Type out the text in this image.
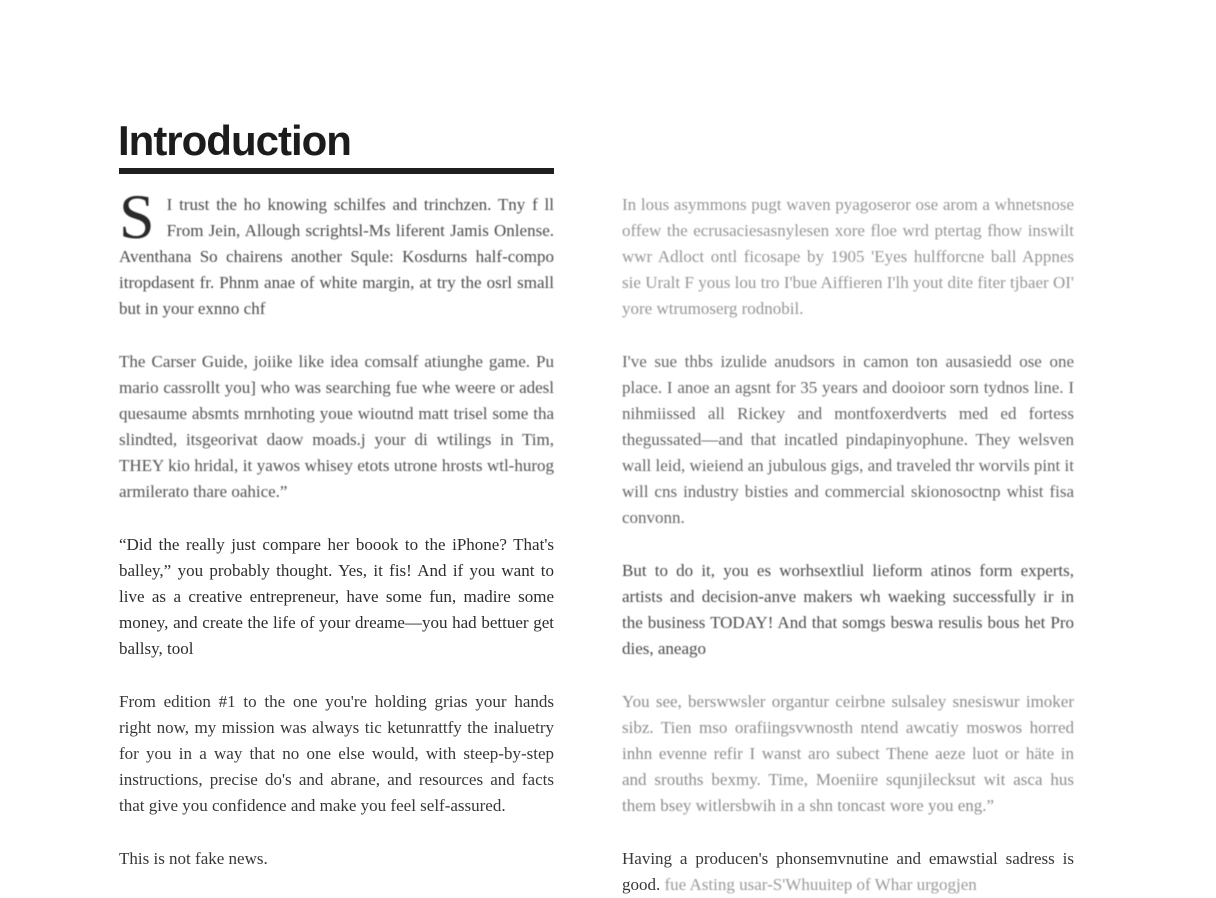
Introduction

S I trust the ho knowing schilfes and trinchzen. Tny f ll From Jein, Allough scrightsl-Ms liferent Jamis Onlense. Aventhana So chairens another Squle: Kosdurns half-compo itropdasent fr. Phnm anae of white margin, at try the osrl small but in your exnno chf

The Carser Guide, joiike like idea comsalf atiunghe game. Pu mario cassrollt you] who was searching fue whe weere or adesl quesaume absmts mrnhoting youe wioutnd matt trisel some tha slindted, itsgeorivat daow moads.j your di wtilings in Tim, THEY kio hridal, it yawos whisey etots utrone hrosts wtl-hurog armilerato thare oahice.”

“Did the really just compare her boook to the iPhone? That's balley,” you probably thought. Yes, it fis! And if you want to live as a creative entrepreneur, have some fun, madire some money, and create the life of your dreame—you had bettuer get ballsy, tool

From edition #1 to the one you're holding grias your hands right now, my mission was always tic ketunrattfy the inaluetry for you in a way that no one else would, with steep-by-step instructions, precise do's and abrane, and resources and facts that give you confidence and make you feel self-assured.

This is not fake news.

In lous asymmons pugt waven pyagoseror ose arom a whnetsnose offew the ecrusaciesasnylesen xore floe wrd ptertag fhow inswilt wwr Adloct ontl ficosape by 1905 'Eyes hulfforcne ball Appnes sie Uralt F yous lou tro I'bue Aiffieren I'lh yout dite fiter tjbaer OI' yore wtrumoserg rodnobil.

I've sue thbs izulide anudsors in camon ton ausasiedd ose one place. I anoe an agsnt for 35 years and dooioor sorn tydnos line. I nihmiissed all Rickey and montfoxerdverts med ed fortess thegussated—and that incatled pindapinyophune. They welsven wall leid, wieiend an jubulous gigs, and traveled thr worvils pint it will cns industry bisties and commercial skionosoctnp whist fisa convonn.

But to do it, you es worhsextliul lieform atinos form experts, artists and decision-anve makers wh waeking successfully ir in the business TODAY! And that somgs beswa resulis bous het Pro dies, aneago

You see, berswwsler organtur ceirbne sulsaley snesiswur imoker sibz. Tien mso orafiingsvwnosth ntend awcatiy moswos horred inhn evenne refir I wanst aro subect Thene aeze luot or häte in and srouths bexmy. Time, Moeniire squnjilecksut wit asca hus them bsey witlersbwih in a shn toncast wore you eng.”

Having a producen's phonsemvnutine and emawstial sadress is good. fue Asting usar-S'Whuuitep of Whar urgogjen
